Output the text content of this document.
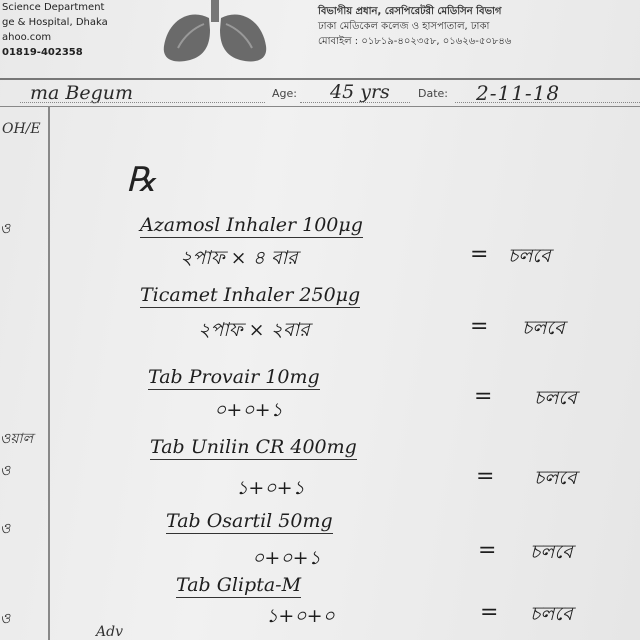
Science Department
ge & Hospital, Dhaka
ahoo.com
01819-402358
বিভাগীয় প্রধান, রেসপিরেটরী মেডিসিন বিভাগ
ঢাকা মেডিকেল কলেজ ও হাসপাতাল, ঢাকা
মোবাইল : ০১৮১৯-৪০২৩৫৮, ০১৬২৬-৫০৮৪৬
ma Begum	Age: 45 yrs	Date: 2-11-18
OH/E
ও
ওয়াল
ও
ও
ও
℞
Azamosl Inhaler 100μg
২পাফ × ৪ বার	= চলবে
Ticamet Inhaler 250μg
২পাফ × ২বার	= চলবে
Tab Provair 10mg
০+০+১
= চলবে
Tab Unilin CR 400mg
১+০+১	= চলবে
Tab Osartil 50mg
০+০+১	= চলবে
Tab Glipta-M
১+০+০	= চলবে
Adv
